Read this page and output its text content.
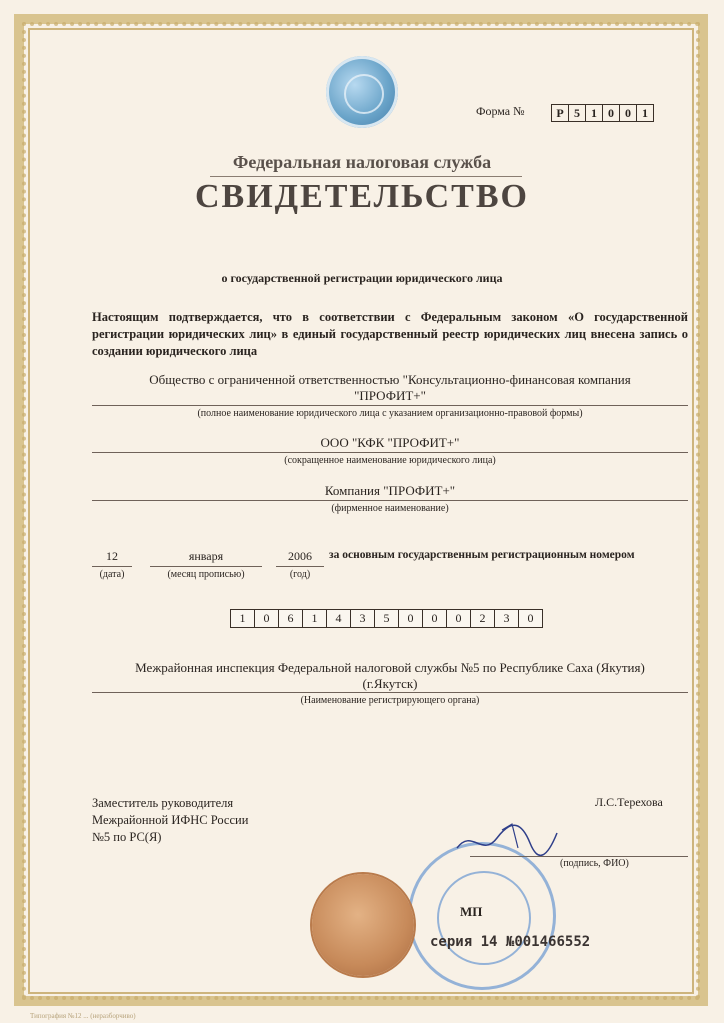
Форма №	Р 5 1 0 0 1
Федеральная налоговая служба
СВИДЕТЕЛЬСТВО
о государственной регистрации юридического лица
Настоящим подтверждается, что в соответствии с Федеральным законом «О государственной регистрации юридических лиц» в единый государственный реестр юридических лиц внесена запись о создании юридического лица
Общество с ограниченной ответственностью "Консультационно-финансовая компания
"ПРОФИТ+"
(полное наименование юридического лица с указанием организационно-правовой формы)
ООО "КФК "ПРОФИТ+"
(сокращенное наименование юридического лица)
Компания "ПРОФИТ+"
(фирменное наименование)
12
(дата)
января
(месяц прописью)
2006
(год)
за основным государственным регистрационным номером
1	0	6	1	4	3	5	0	0	0	2	3	0
Межрайонная инспекция Федеральной налоговой службы №5 по Республике Саха (Якутия)
(г.Якутск)
(Наименование регистрирующего органа)
Заместитель руководителя
Межрайонной ИФНС России
№5 по РС(Я)
Л.С.Терехова
(подпись, ФИО)
МП
серия 14 №001466552
Типография №12 ... (неразборчиво)
